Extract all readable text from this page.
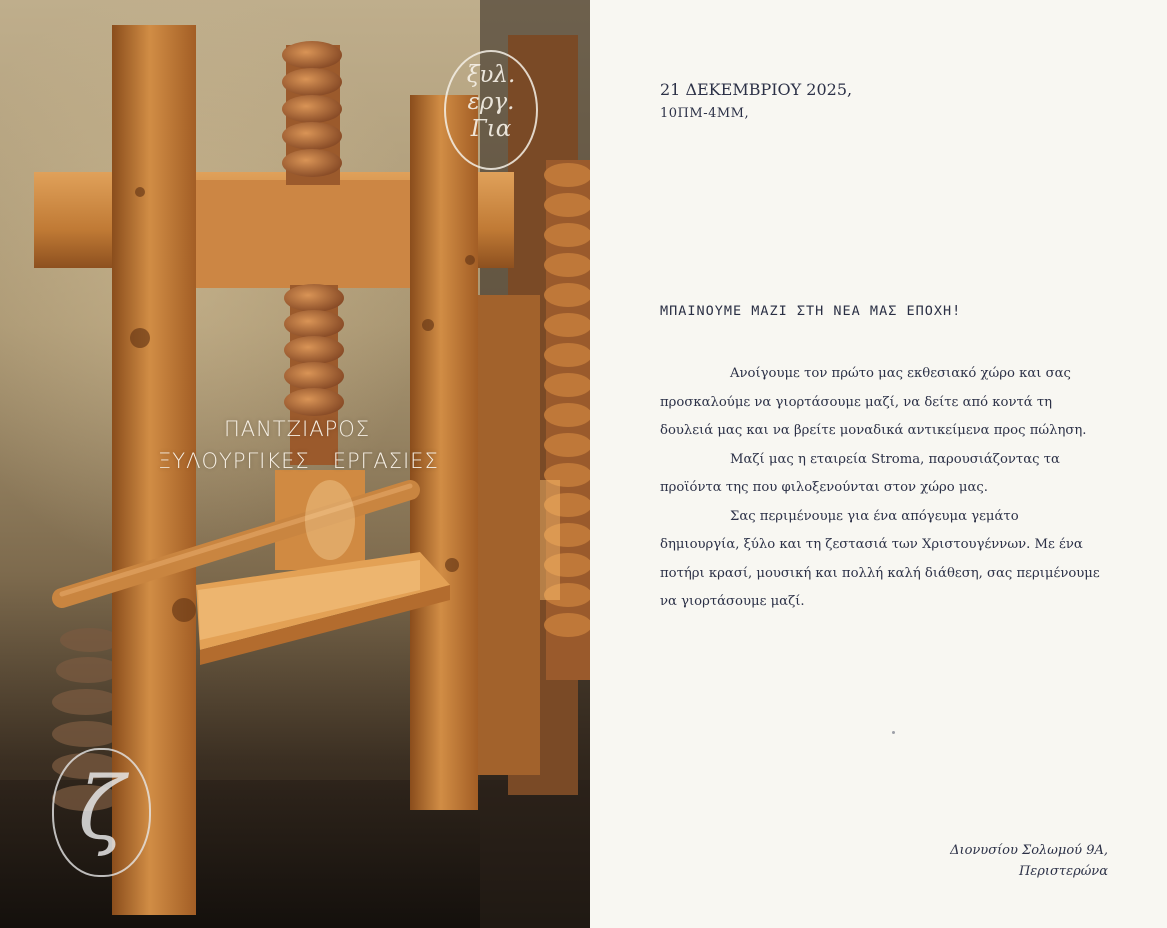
ξυλ.
εργ.
Για
ΠΑΝΤΖΙΑΡΟΣ
ΞΥΛΟΥΡΓΙΚΕΣ   ΕΡΓΑΣΙΕΣ
ζ
21 ΔΕΚΕΜΒΡΙΟΥ 2025,
10ΠΜ-4ΜΜ,
ΜΠΑΙΝΟΥΜΕ ΜΑΖΙ ΣΤΗ ΝΕΑ ΜΑΣ ΕΠΟΧΗ!

Ανοίγουμε τον πρώτο μας εκθεσιακό χώρο και σας προσκαλούμε να γιορτάσουμε μαζί, να δείτε από κοντά τη δουλειά μας και να βρείτε μοναδικά αντικείμενα προς πώληση.

Μαζί μας η εταιρεία Stroma, παρουσιάζοντας τα προϊόντα της που φιλοξενούνται στον χώρο μας.

Σας περιμένουμε για ένα απόγευμα γεμάτο δημιουργία, ξύλο και τη ζεστασιά των Χριστουγέννων. Με ένα ποτήρι κρασί, μουσική και πολλή καλή διάθεση, σας περιμένουμε να γιορτάσουμε μαζί.

Διονυσίου Σολωμού 9Α,
Περιστερώνα
